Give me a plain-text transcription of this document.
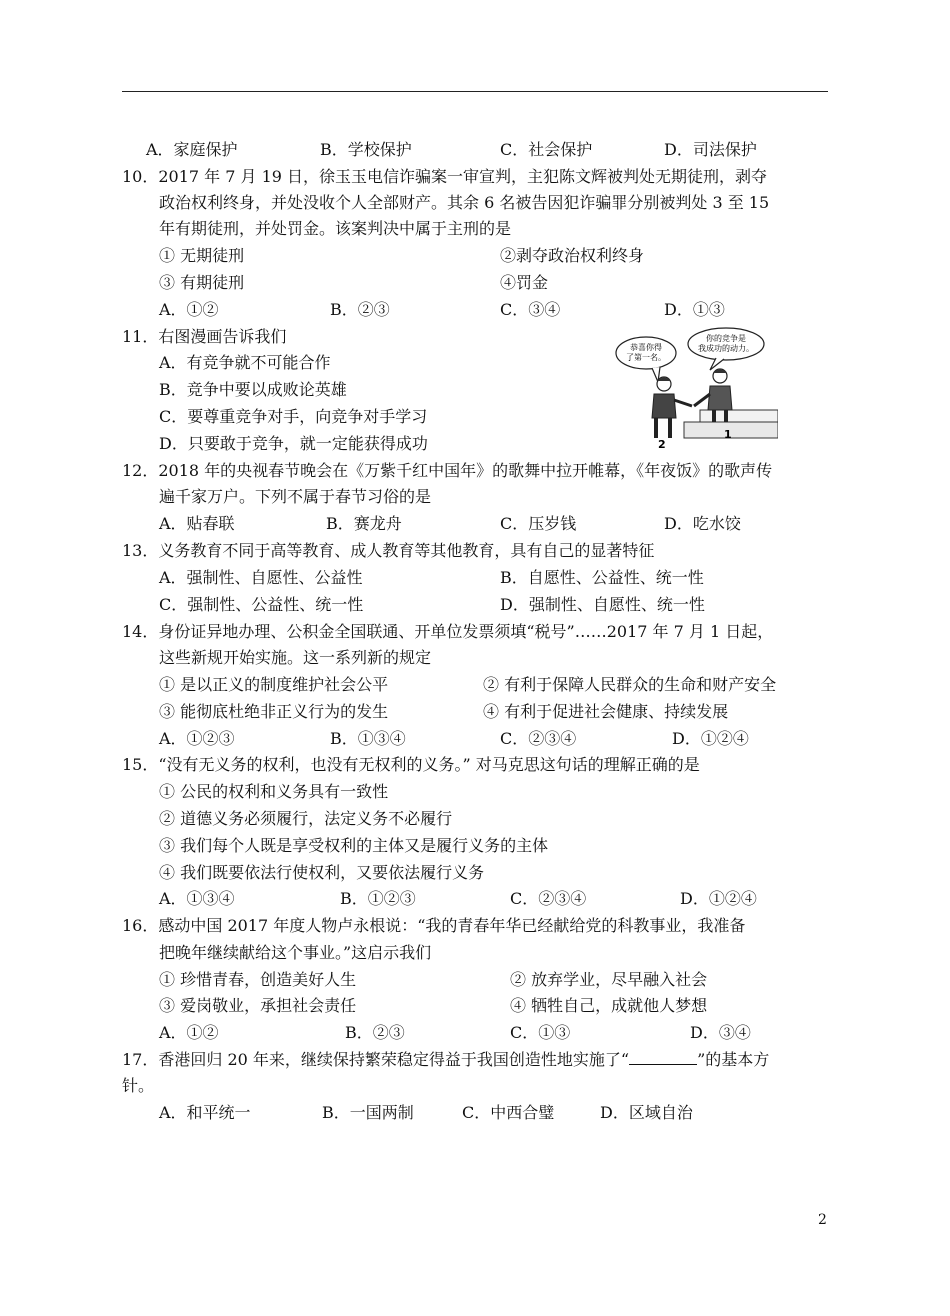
A．家庭保护	B．学校保护	C．社会保护	D．司法保护
10．2017 年 7 月 19 日，徐玉玉电信诈骗案一审宣判，主犯陈文辉被判处无期徒刑，剥夺
政治权利终身，并处没收个人全部财产。其余 6 名被告因犯诈骗罪分别被判处 3 至 15
年有期徒刑，并处罚金。该案判决中属于主刑的是
① 无期徒刑	②剥夺政治权利终身
③ 有期徒刑	④罚金
A．①②	B．②③	C．③④	D．①③
11．右图漫画告诉我们
A．有竞争就不可能合作
B．竞争中要以成败论英雄
C．要尊重竞争对手，向竞争对手学习
D．只要敢于竞争，就一定能获得成功
恭喜你得
了第一名。
你的竞争是
我成功的动力。
2
1
12．2018 年的央视春节晚会在《万紫千红中国年》的歌舞中拉开帷幕，《年夜饭》的歌声传
遍千家万户。下列不属于春节习俗的是
A．贴春联	B．赛龙舟	C．压岁钱	D．吃水饺
13．义务教育不同于高等教育、成人教育等其他教育，具有自己的显著特征
A．强制性、自愿性、公益性	B．自愿性、公益性、统一性
C．强制性、公益性、统一性	D．强制性、自愿性、统一性
14．身份证异地办理、公积金全国联通、开单位发票须填“税号”……2017 年 7 月 1 日起，
这些新规开始实施。这一系列新的规定
① 是以正义的制度维护社会公平	② 有利于保障人民群众的生命和财产安全
③ 能彻底杜绝非正义行为的发生	④ 有利于促进社会健康、持续发展
A．①②③	B．①③④	C．②③④	D．①②④
15．“没有无义务的权利，也没有无权利的义务。” 对马克思这句话的理解正确的是
① 公民的权利和义务具有一致性
② 道德义务必须履行，法定义务不必履行
③ 我们每个人既是享受权利的主体又是履行义务的主体
④ 我们既要依法行使权利，又要依法履行义务
A．①③④	B．①②③	C．②③④	D．①②④
16．感动中国 2017 年度人物卢永根说：“我的青春年华已经献给党的科教事业，我准备
把晚年继续献给这个事业。”这启示我们
① 珍惜青春，创造美好人生	② 放弃学业，尽早融入社会
③ 爱岗敬业，承担社会责任	④ 牺牲自己，成就他人梦想
A．①②	B．②③	C．①③	D．③④
17．香港回归 20 年来，继续保持繁荣稳定得益于我国创造性地实施了“	”的基本方
针。
A．和平统一	B．一国两制	C．中西合璧	D．区域自治
2
